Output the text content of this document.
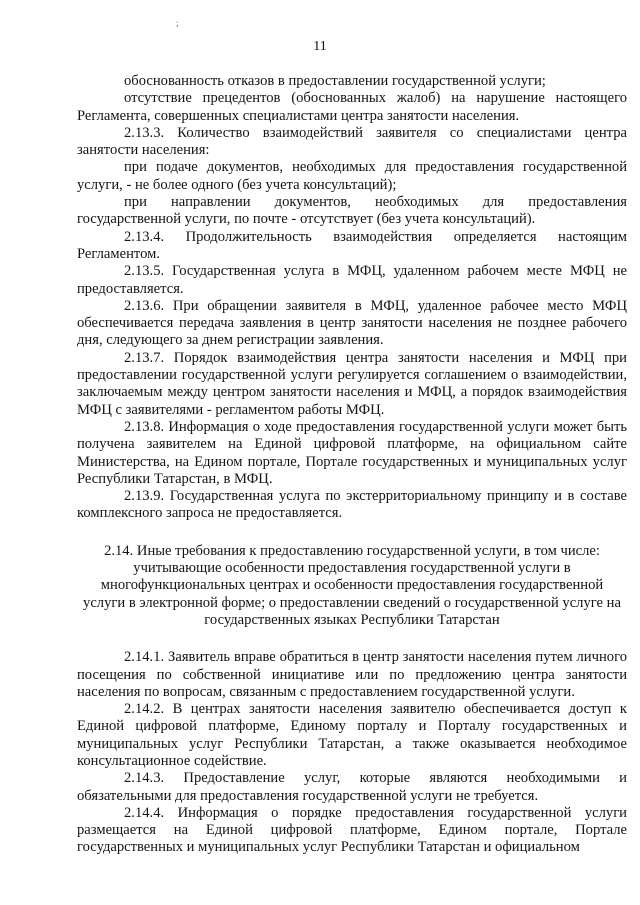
;
11

обоснованность отказов в предоставлении государственной услуги;

отсутствие прецедентов (обоснованных жалоб) на нарушение настоящего Регламента, совершенных специалистами центра занятости населения.

2.13.3. Количество взаимодействий заявителя со специалистами центра занятости населения:

при подаче документов, необходимых для предоставления государственной услуги, - не более одного (без учета консультаций);

при направлении документов, необходимых для предоставления государственной услуги, по почте - отсутствует (без учета консультаций).

2.13.4. Продолжительность взаимодействия определяется настоящим Регламентом.

2.13.5. Государственная услуга в МФЦ, удаленном рабочем месте МФЦ не предоставляется.

2.13.6. При обращении заявителя в МФЦ, удаленное рабочее место МФЦ обеспечивается передача заявления в центр занятости населения не позднее рабочего дня, следующего за днем регистрации заявления.

2.13.7. Порядок взаимодействия центра занятости населения и МФЦ при предоставлении государственной услуги регулируется соглашением о взаимодействии, заключаемым между центром занятости населения и МФЦ, а порядок взаимодействия МФЦ с заявителями - регламентом работы МФЦ.

2.13.8. Информация о ходе предоставления государственной услуги может быть получена заявителем на Единой цифровой платформе, на официальном сайте Министерства, на Едином портале, Портале государственных и муниципальных услуг Республики Татарстан, в МФЦ.

2.13.9. Государственная услуга по экстерриториальному принципу и в составе комплексного запроса не предоставляется.

2.14. Иные требования к предоставлению государственной услуги, в том числе: учитывающие особенности предоставления государственной услуги в многофункциональных центрах и особенности предоставления государственной услуги в электронной форме; о предоставлении сведений о государственной услуге на государственных языках Республики Татарстан

2.14.1. Заявитель вправе обратиться в центр занятости населения путем личного посещения по собственной инициативе или по предложению центра занятости населения по вопросам, связанным с предоставлением государственной услуги.

2.14.2. В центрах занятости населения заявителю обеспечивается доступ к Единой цифровой платформе, Единому порталу и Порталу государственных и муниципальных услуг Республики Татарстан, а также оказывается необходимое консультационное содействие.

2.14.3. Предоставление услуг, которые являются необходимыми и обязательными для предоставления государственной услуги не требуется.

2.14.4. Информация о порядке предоставления государственной услуги размещается на Единой цифровой платформе, Едином портале, Портале государственных и муниципальных услуг Республики Татарстан и официальном
